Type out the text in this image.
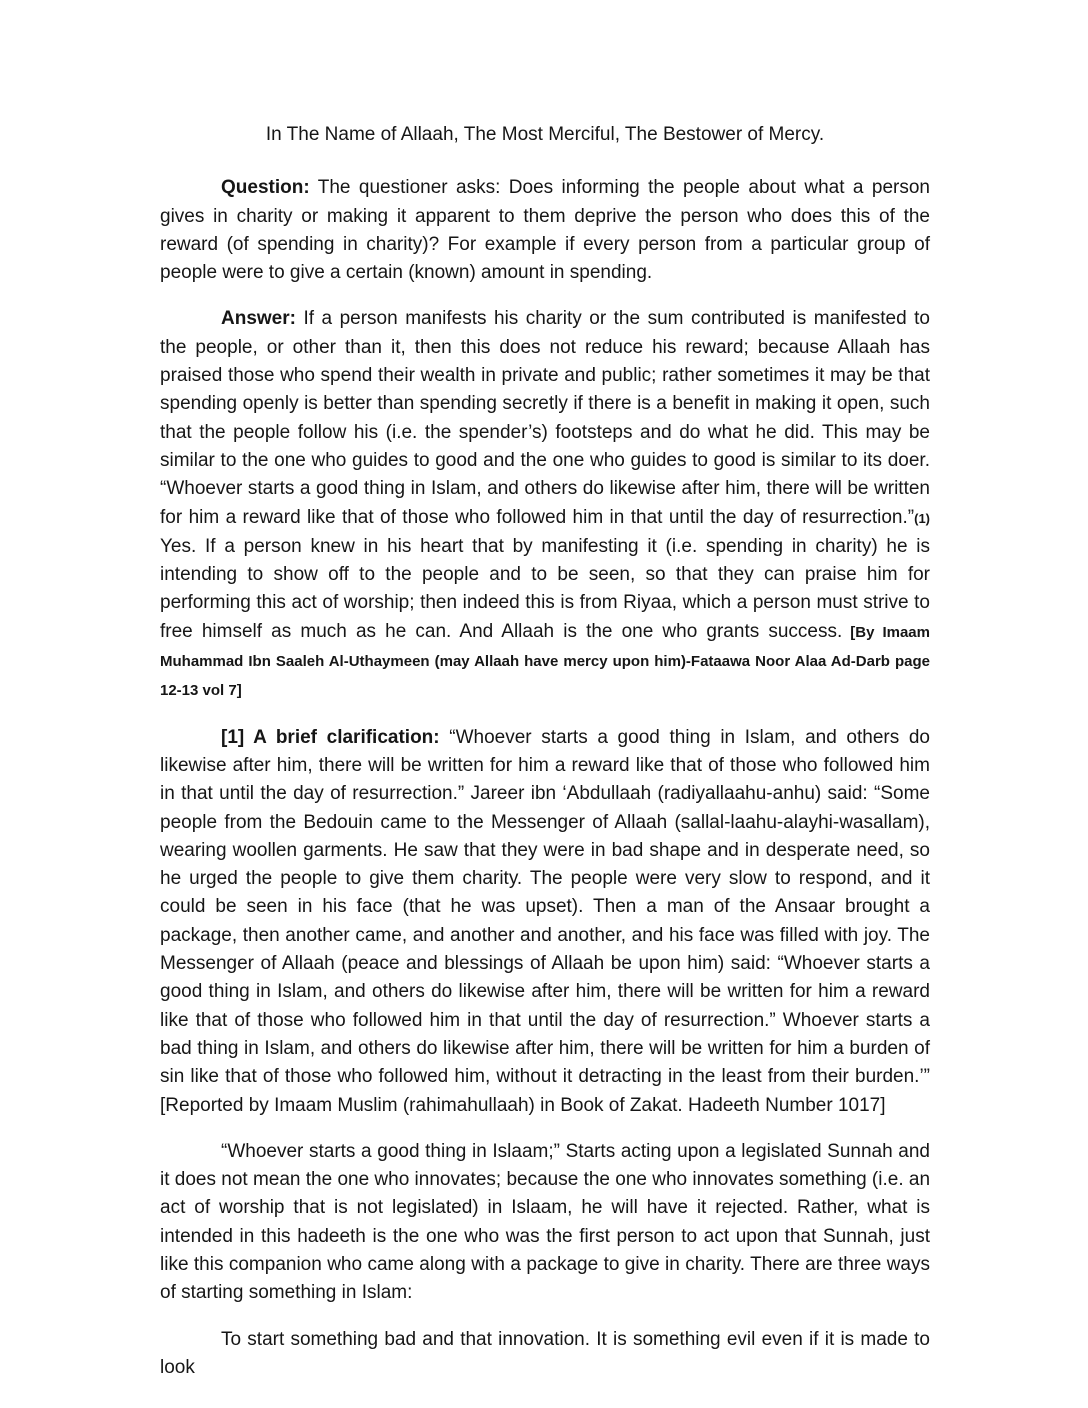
In The Name of Allaah, The Most Merciful, The Bestower of Mercy.

Question: The questioner asks: Does informing the people about what a person gives in charity or making it apparent to them deprive the person who does this of the reward (of spending in charity)? For example if every person from a particular group of people were to give a certain (known) amount in spending.

Answer: If a person manifests his charity or the sum contributed is manifested to the people, or other than it, then this does not reduce his reward; because Allaah has praised those who spend their wealth in private and public; rather sometimes it may be that spending openly is better than spending secretly if there is a benefit in making it open, such that the people follow his (i.e. the spender’s) footsteps and do what he did. This may be similar to the one who guides to good and the one who guides to good is similar to its doer. “Whoever starts a good thing in Islam, and others do likewise after him, there will be written for him a reward like that of those who followed him in that until the day of resurrection.”(1) Yes. If a person knew in his heart that by manifesting it (i.e. spending in charity) he is intending to show off to the people and to be seen, so that they can praise him for performing this act of worship; then indeed this is from Riyaa, which a person must strive to free himself as much as he can. And Allaah is the one who grants success. [By Imaam Muhammad Ibn Saaleh Al-Uthaymeen (may Allaah have mercy upon him)-Fataawa Noor Alaa Ad-Darb page 12-13 vol 7]

[1] A brief clarification: “Whoever starts a good thing in Islam, and others do likewise after him, there will be written for him a reward like that of those who followed him in that until the day of resurrection.” Jareer ibn ‘Abdullaah (radiyallaahu-anhu) said: “Some people from the Bedouin came to the Messenger of Allaah (sallal-laahu-alayhi-wasallam), wearing woollen garments. He saw that they were in bad shape and in desperate need, so he urged the people to give them charity. The people were very slow to respond, and it could be seen in his face (that he was upset). Then a man of the Ansaar brought a package, then another came, and another and another, and his face was filled with joy. The Messenger of Allaah (peace and blessings of Allaah be upon him) said: “Whoever starts a good thing in Islam, and others do likewise after him, there will be written for him a reward like that of those who followed him in that until the day of resurrection.” Whoever starts a bad thing in Islam, and others do likewise after him, there will be written for him a burden of sin like that of those who followed him, without it detracting in the least from their burden.’” [Reported by Imaam Muslim (rahimahullaah) in Book of Zakat. Hadeeth Number 1017]

“Whoever starts a good thing in Islaam;” Starts acting upon a legislated Sunnah and it does not mean the one who innovates; because the one who innovates something (i.e. an act of worship that is not legislated) in Islaam, he will have it rejected. Rather, what is intended in this hadeeth is the one who was the first person to act upon that Sunnah, just like this companion who came along with a package to give in charity. There are three ways of starting something in Islam:

To start something bad and that innovation. It is something evil even if it is made to look
